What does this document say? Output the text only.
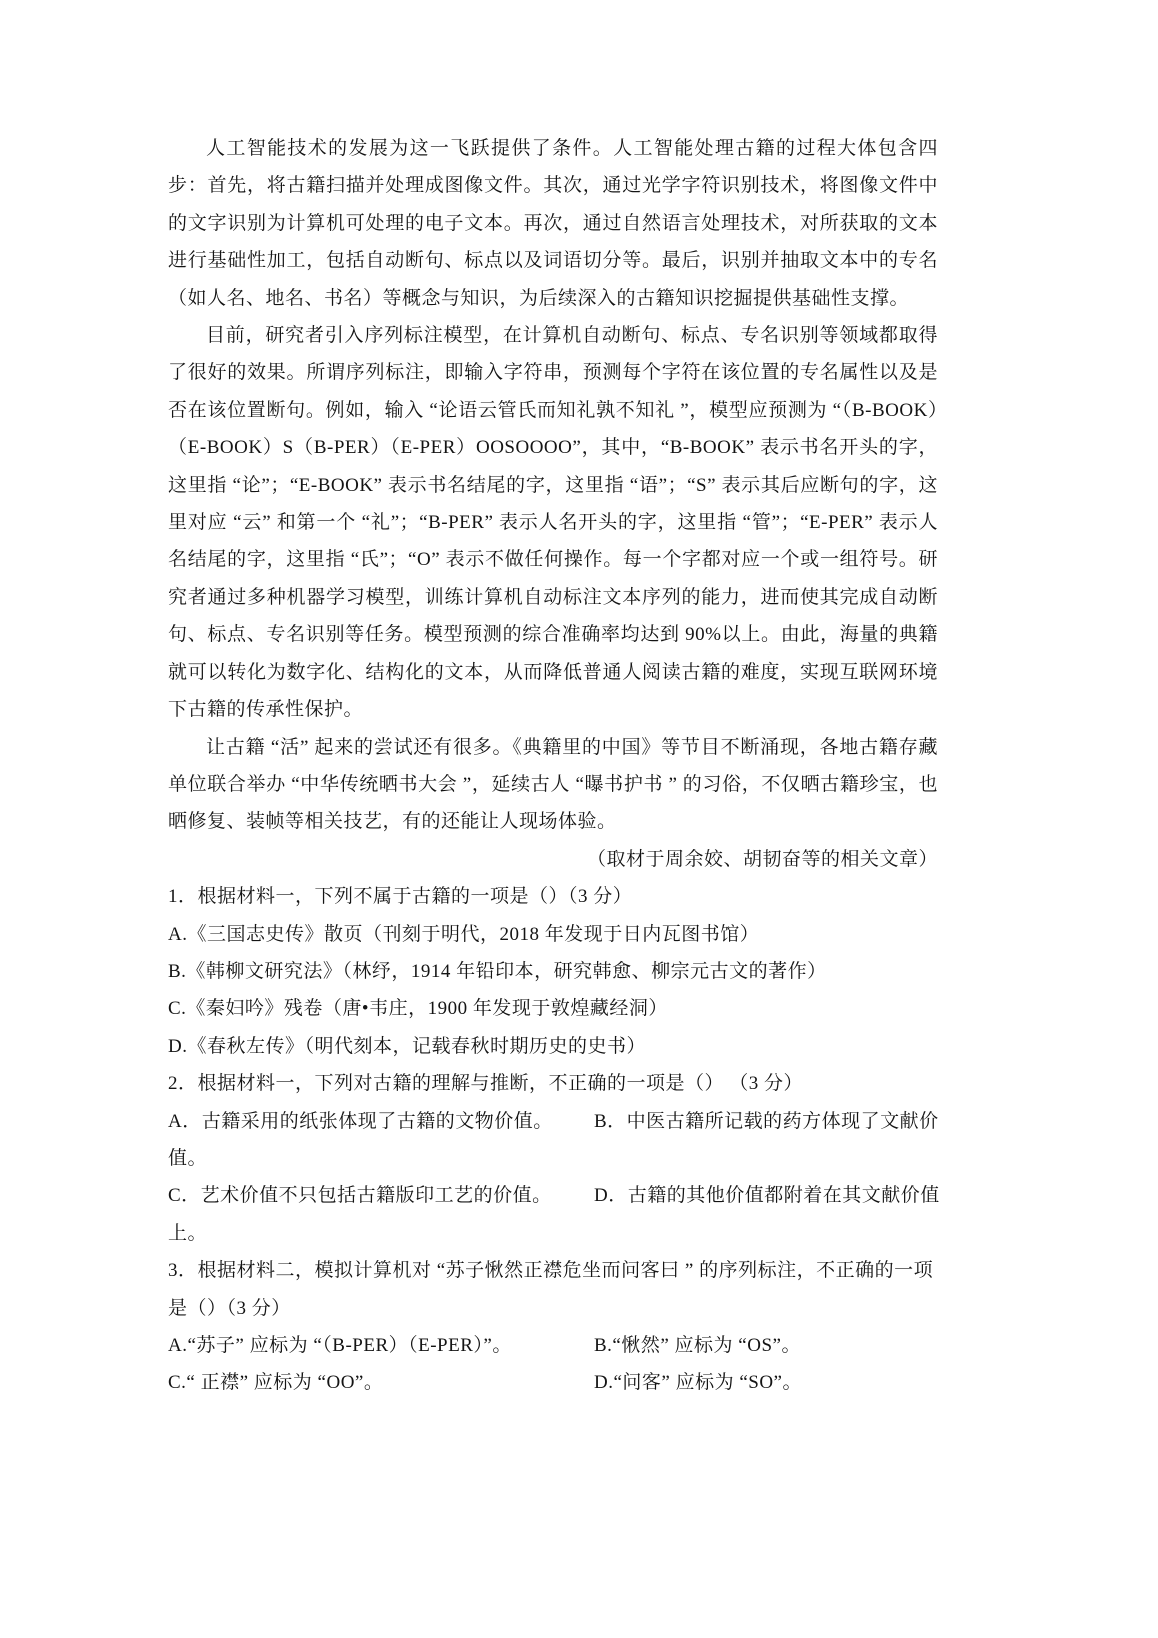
人工智能技术的发展为这一飞跃提供了条件。人工智能处理古籍的过程大体包含四步：首先，将古籍扫描并处理成图像文件。其次，通过光学字符识别技术，将图像文件中的文字识别为计算机可处理的电子文本。再次，通过自然语言处理技术，对所获取的文本进行基础性加工，包括自动断句、标点以及词语切分等。最后，识别并抽取文本中的专名（如人名、地名、书名）等概念与知识，为后续深入的古籍知识挖掘提供基础性支撑。

目前，研究者引入序列标注模型，在计算机自动断句、标点、专名识别等领域都取得了很好的效果。所谓序列标注，即输入字符串，预测每个字符在该位置的专名属性以及是否在该位置断句。例如，输入 “论语云管氏而知礼孰不知礼 ”，模型应预测为 “（B-BOOK）（E-BOOK）S（B-PER）（E-PER）OOSOOOO”，其中，“B-BOOK” 表示书名开头的字，这里指 “论”；“E-BOOK” 表示书名结尾的字，这里指 “语”；“S” 表示其后应断句的字，这里对应 “云” 和第一个 “礼”；“B-PER” 表示人名开头的字，这里指 “管”；“E-PER” 表示人名结尾的字，这里指 “氏”；“O” 表示不做任何操作。每一个字都对应一个或一组符号。研究者通过多种机器学习模型，训练计算机自动标注文本序列的能力，进而使其完成自动断句、标点、专名识别等任务。模型预测的综合准确率均达到 90%以上。由此，海量的典籍就可以转化为数字化、结构化的文本，从而降低普通人阅读古籍的难度，实现互联网环境下古籍的传承性保护。

让古籍 “活” 起来的尝试还有很多。《典籍里的中国》等节目不断涌现，各地古籍存藏单位联合举办 “中华传统晒书大会 ”，延续古人 “曝书护书 ” 的习俗，不仅晒古籍珍宝，也晒修复、装帧等相关技艺，有的还能让人现场体验。

（取材于周余姣、胡韧奋等的相关文章）

1．根据材料一，下列不属于古籍的一项是（）（3 分）
A.《三国志史传》散页（刊刻于明代，2018 年发现于日内瓦图书馆）
B.《韩柳文研究法》（林纾，1914 年铅印本，研究韩愈、柳宗元古文的著作）
C.《秦妇吟》残卷（唐•韦庄，1900 年发现于敦煌藏经洞）
D.《春秋左传》（明代刻本，记载春秋时期历史的史书）
2．根据材料一，下列对古籍的理解与推断，不正确的一项是（） （3 分）
A．古籍采用的纸张体现了古籍的文物价值。 B．中医古籍所记载的药方体现了文献价
值。
C．艺术价值不只包括古籍版印工艺的价值。 D．古籍的其他价值都附着在其文献价值
上。
3．根据材料二，模拟计算机对 “苏子愀然正襟危坐而问客曰 ” 的序列标注，不正确的一项
是（）（3 分）
A.“苏子” 应标为 “（B-PER）（E-PER）”。	B.“愀然” 应标为 “OS”。
C.“ 正襟” 应标为 “OO”。	D.“问客” 应标为 “SO”。
